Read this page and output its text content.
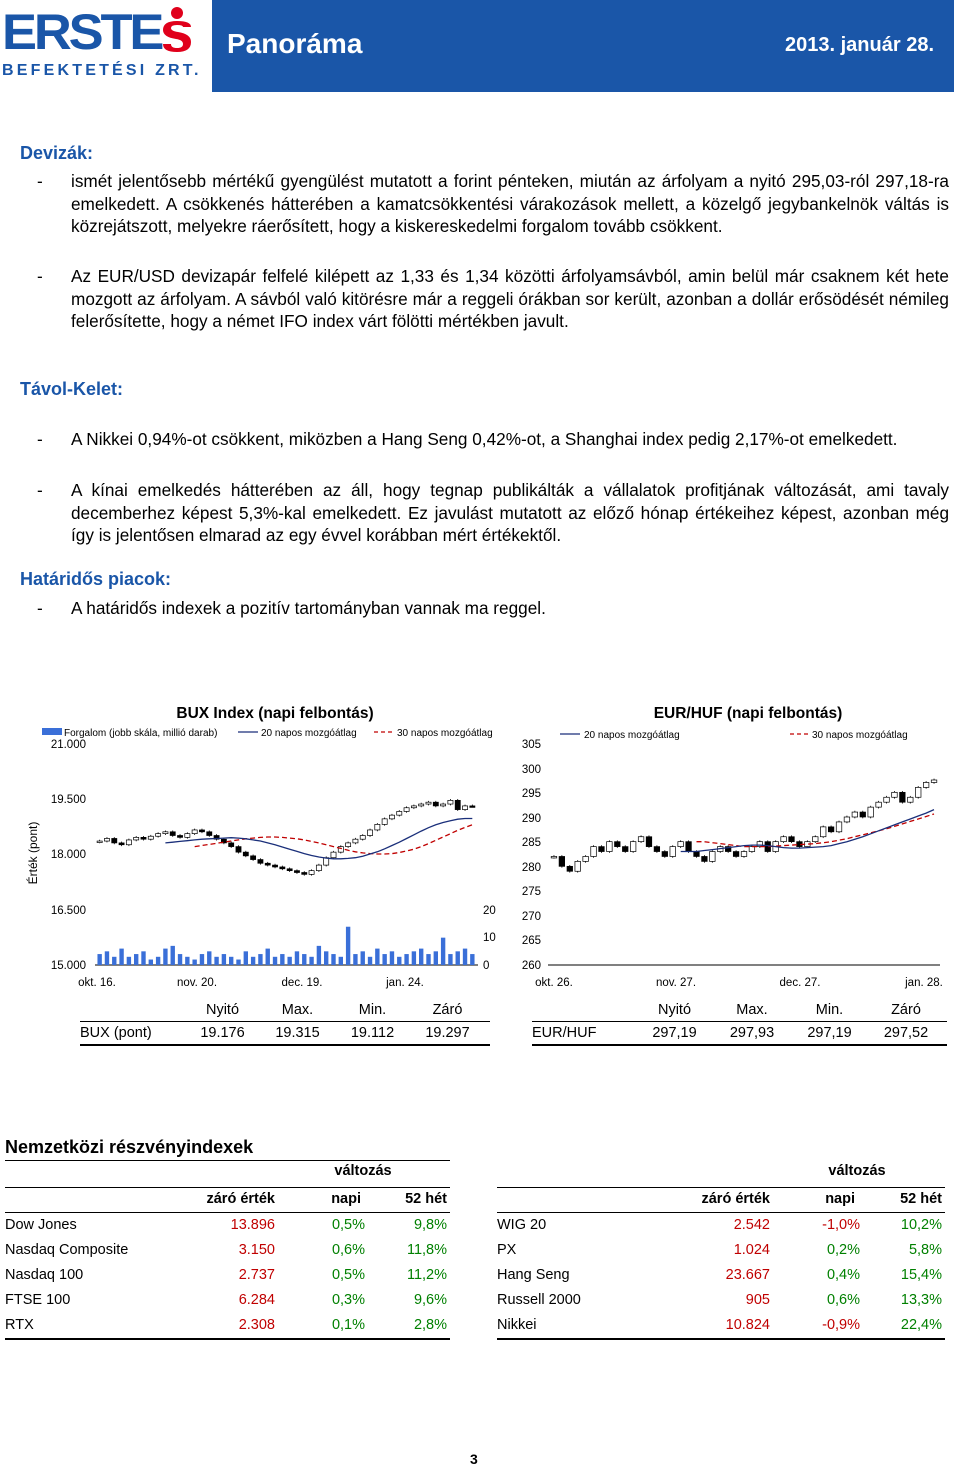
ERSTE
BEFEKTETÉSI ZRT.
Panoráma	2013. január 28.
Devizák:
- ismét jelentősebb mértékű gyengülést mutatott a forint pénteken, miután az árfolyam a nyitó 295,03-ról 297,18-ra emelkedett. A csökkenés hátterében a kamatcsökkentési várakozások mellett, a közelgő jegybankelnök váltás is közrejátszott, melyekre ráerősített, hogy a kiskereskedelmi forgalom tovább csökkent.
- Az EUR/USD devizapár felfelé kilépett az 1,33 és 1,34 közötti árfolyamsávból, amin belül már csaknem két hete mozgott az árfolyam. A sávból való kitörésre már a reggeli órákban sor került, azonban a dollár erősödését némileg felerősítette, hogy a német IFO index várt fölötti mértékben javult.
Távol-Kelet:
- A Nikkei 0,94%-ot csökkent, miközben a Hang Seng 0,42%-ot, a Shanghai index pedig 2,17%-ot emelkedett.
- A kínai emelkedés hátterében az áll, hogy tegnap publikálták a vállalatok profitjának változását, ami tavaly decemberhez képest 5,3%-kal emelkedett. Ez javulást mutatott az előző hónap értékeihez képest, azonban még így is jelentősen elmarad az egy évvel korábban mért értékektől.
Határidős piacok:
- A határidős indexek a pozitív tartományban vannak ma reggel.
BUX Index (napi felbontás)
Forgalom (jobb skála, millió darab)	20 napos mozgóátlag	30 napos mozgóátlag
Érték (pont)
21.000
19.500
18.000
16.500
15.000
20
10
0
okt. 16.	nov. 20.	dec. 19.	jan. 24.
EUR/HUF (napi felbontás)
20 napos mozgóátlag	30 napos mozgóátlag
305
300
295
290
285
280
275
270
265
260
okt. 26.	nov. 27.	dec. 27.	jan. 28.
Nyitó	Max.	Min.	Záró
BUX (pont)	19.176	19.315	19.112	19.297
Nyitó	Max.	Min.	Záró
EUR/HUF	297,19	297,93	297,19	297,52
Nemzetközi részvényindexek
változás
záró érték	napi	52 hét
Dow Jones	13.896	0,5%	9,8%
Nasdaq Composite	3.150	0,6%	11,8%
Nasdaq 100	2.737	0,5%	11,2%
FTSE 100	6.284	0,3%	9,6%
RTX	2.308	0,1%	2,8%
változás
záró érték	napi	52 hét
WIG 20	2.542	-1,0%	10,2%
PX	1.024	0,2%	5,8%
Hang Seng	23.667	0,4%	15,4%
Russell 2000	905	0,6%	13,3%
Nikkei	10.824	-0,9%	22,4%
3
